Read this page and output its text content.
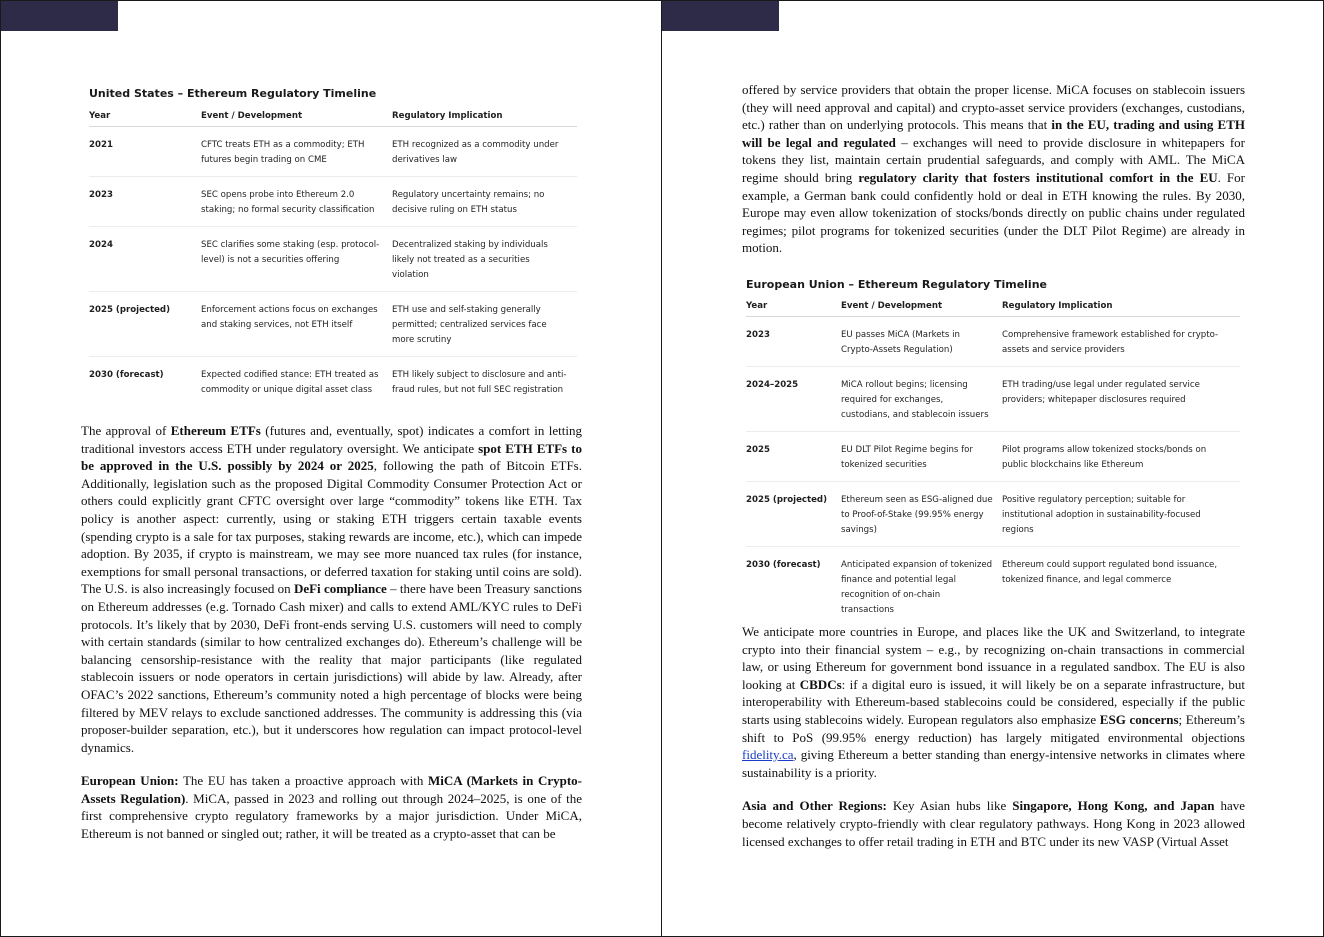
United States – Ethereum Regulatory Timeline
Year	Event / Development	Regulatory Implication
2021	CFTC treats ETH as a commodity; ETH futures begin trading on CME	ETH recognized as a commodity under derivatives law
2023	SEC opens probe into Ethereum 2.0 staking; no formal security classification	Regulatory uncertainty remains; no decisive ruling on ETH status
2024	SEC clarifies some staking (esp. protocol-level) is not a securities offering	Decentralized staking by individuals likely not treated as a securities violation
2025 (projected)	Enforcement actions focus on exchanges and staking services, not ETH itself	ETH use and self-staking generally permitted; centralized services face more scrutiny
2030 (forecast)	Expected codified stance: ETH treated as commodity or unique digital asset class	ETH likely subject to disclosure and anti-fraud rules, but not full SEC registration

The approval of Ethereum ETFs (futures and, eventually, spot) indicates a comfort in letting traditional investors access ETH under regulatory oversight. We anticipate spot ETH ETFs to be approved in the U.S. possibly by 2024 or 2025, following the path of Bitcoin ETFs. Additionally, legislation such as the proposed Digital Commodity Consumer Protection Act or others could explicitly grant CFTC oversight over large “commodity” tokens like ETH. Tax policy is another aspect: currently, using or staking ETH triggers certain taxable events (spending crypto is a sale for tax purposes, staking rewards are income, etc.), which can impede adoption. By 2035, if crypto is mainstream, we may see more nuanced tax rules (for instance, exemptions for small personal transactions, or deferred taxation for staking until coins are sold). The U.S. is also increasingly focused on DeFi compliance – there have been Treasury sanctions on Ethereum addresses (e.g. Tornado Cash mixer) and calls to extend AML/KYC rules to DeFi protocols. It’s likely that by 2030, DeFi front-ends serving U.S. customers will need to comply with certain standards (similar to how centralized exchanges do). Ethereum’s challenge will be balancing censorship-resistance with the reality that major participants (like regulated stablecoin issuers or node operators in certain jurisdictions) will abide by law. Already, after OFAC’s 2022 sanctions, Ethereum’s community noted a high percentage of blocks were being filtered by MEV relays to exclude sanctioned addresses. The community is addressing this (via proposer-builder separation, etc.), but it underscores how regulation can impact protocol-level dynamics.

European Union: The EU has taken a proactive approach with MiCA (Markets in Crypto-Assets Regulation). MiCA, passed in 2023 and rolling out through 2024–2025, is one of the first comprehensive crypto regulatory frameworks by a major jurisdiction. Under MiCA, Ethereum is not banned or singled out; rather, it will be treated as a crypto-asset that can be

offered by service providers that obtain the proper license. MiCA focuses on stablecoin issuers (they will need approval and capital) and crypto-asset service providers (exchanges, custodians, etc.) rather than on underlying protocols. This means that in the EU, trading and using ETH will be legal and regulated – exchanges will need to provide disclosure in whitepapers for tokens they list, maintain certain prudential safeguards, and comply with AML. The MiCA regime should bring regulatory clarity that fosters institutional comfort in the EU. For example, a German bank could confidently hold or deal in ETH knowing the rules. By 2030, Europe may even allow tokenization of stocks/bonds directly on public chains under regulated regimes; pilot programs for tokenized securities (under the DLT Pilot Regime) are already in motion.

European Union – Ethereum Regulatory Timeline
Year	Event / Development	Regulatory Implication
2023	EU passes MiCA (Markets in Crypto-Assets Regulation)	Comprehensive framework established for crypto-assets and service providers
2024–2025	MiCA rollout begins; licensing required for exchanges, custodians, and stablecoin issuers	ETH trading/use legal under regulated service providers; whitepaper disclosures required
2025	EU DLT Pilot Regime begins for tokenized securities	Pilot programs allow tokenized stocks/bonds on public blockchains like Ethereum
2025 (projected)	Ethereum seen as ESG-aligned due to Proof-of-Stake (99.95% energy savings)	Positive regulatory perception; suitable for institutional adoption in sustainability-focused regions
2030 (forecast)	Anticipated expansion of tokenized finance and potential legal recognition of on-chain transactions	Ethereum could support regulated bond issuance, tokenized finance, and legal commerce

We anticipate more countries in Europe, and places like the UK and Switzerland, to integrate crypto into their financial system – e.g., by recognizing on-chain transactions in commercial law, or using Ethereum for government bond issuance in a regulated sandbox. The EU is also looking at CBDCs: if a digital euro is issued, it will likely be on a separate infrastructure, but interoperability with Ethereum-based stablecoins could be considered, especially if the public starts using stablecoins widely. European regulators also emphasize ESG concerns; Ethereum’s shift to PoS (99.95% energy reduction) has largely mitigated environmental objections fidelity.ca, giving Ethereum a better standing than energy-intensive networks in climates where sustainability is a priority.

Asia and Other Regions: Key Asian hubs like Singapore, Hong Kong, and Japan have become relatively crypto-friendly with clear regulatory pathways. Hong Kong in 2023 allowed licensed exchanges to offer retail trading in ETH and BTC under its new VASP (Virtual Asset
